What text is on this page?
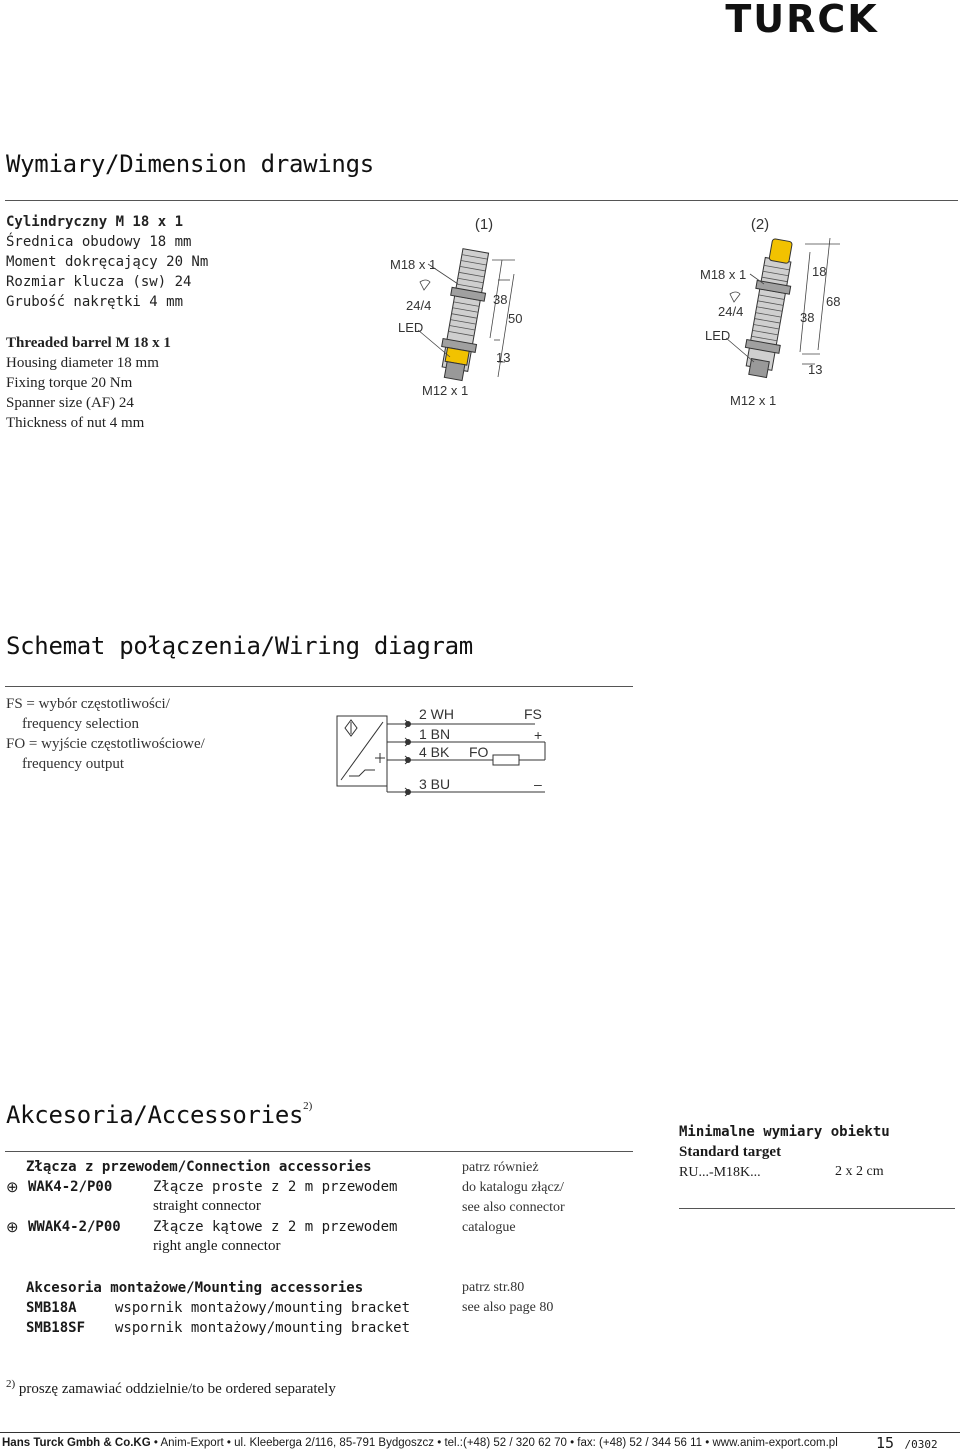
TURCK
Wymiary/Dimension drawings
Cylindryczny M 18 x 1
Średnica obudowy 18 mm
Moment dokręcający 20 Nm
Rozmiar klucza (sw) 24
Grubość nakrętki 4 mm
Threaded barrel M 18 x 1
Housing diameter 18 mm
Fixing torque 20 Nm
Spanner size (AF) 24
Thickness of nut 4 mm
(1)
38
50
13
M18 x 1
24/4
LED
M12 x 1
(2)
18
68
38
13
M18 x 1
24/4
LED
M12 x 1
Schemat połączenia/Wiring diagram
FS = wybór częstotliwości/
frequency selection
FO = wyjście częstotliwościowe/
frequency output
2 WH
1 BN
4 BK
3 BU
FS
+
FO
–
Akcesoria/Accessories$^{2)}$
Złącza z przewodem/Connection accessories
⊕ WAK4-2/P00	Złącze proste z 2 m przewodem
straight connector
⊕ WWAK4-2/P00 Złącze kątowe z 2 m przewodem
right angle connector
patrz również
do katalogu złącz/
see also connector
catalogue
Akcesoria montażowe/Mounting accessories
SMB18A	wspornik montażowy/mounting bracket
SMB18SF wspornik montażowy/mounting bracket
patrz str.80
see also page 80
Minimalne wymiary obiektu
Standard target
RU...-M18K...	2 x 2 cm
$^{2)}$ proszę zamawiać oddzielnie/to be ordered separately
Hans Turck Gmbh & Co.KG • Anim-Export • ul. Kleeberga 2/116, 85-791 Bydgoszcz • tel.:(+48) 52 / 320 62 70 • fax: (+48) 52 / 344 56 11 • www.anim-export.com.pl	15 /0302
